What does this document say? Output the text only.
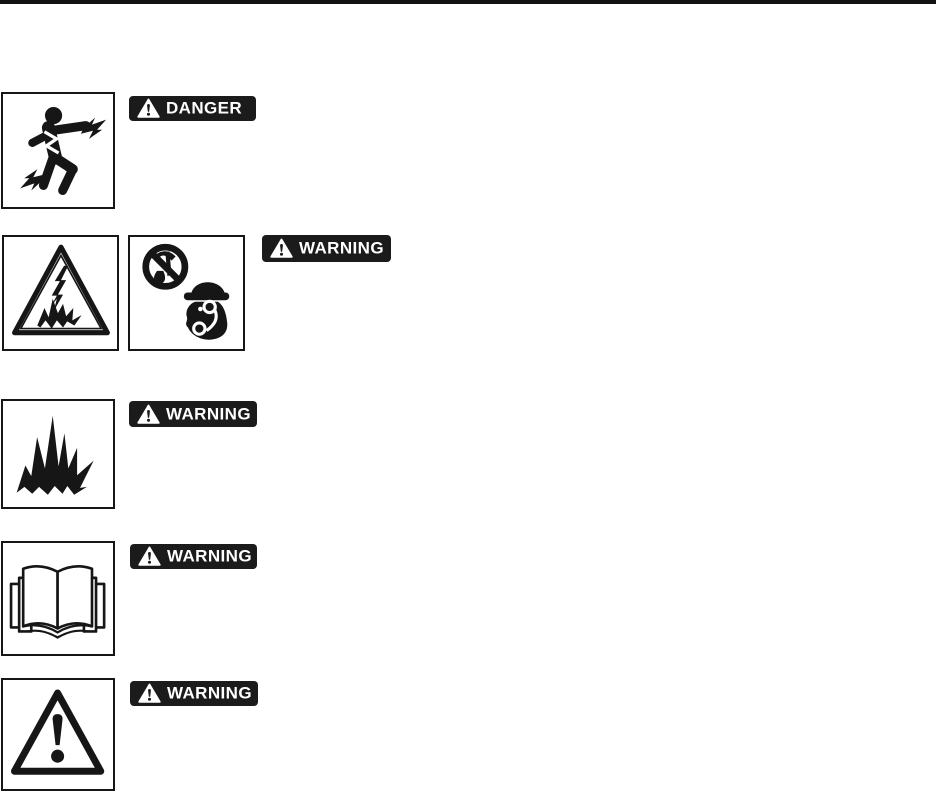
DANGER
WARNING
WARNING
WARNING
WARNING
